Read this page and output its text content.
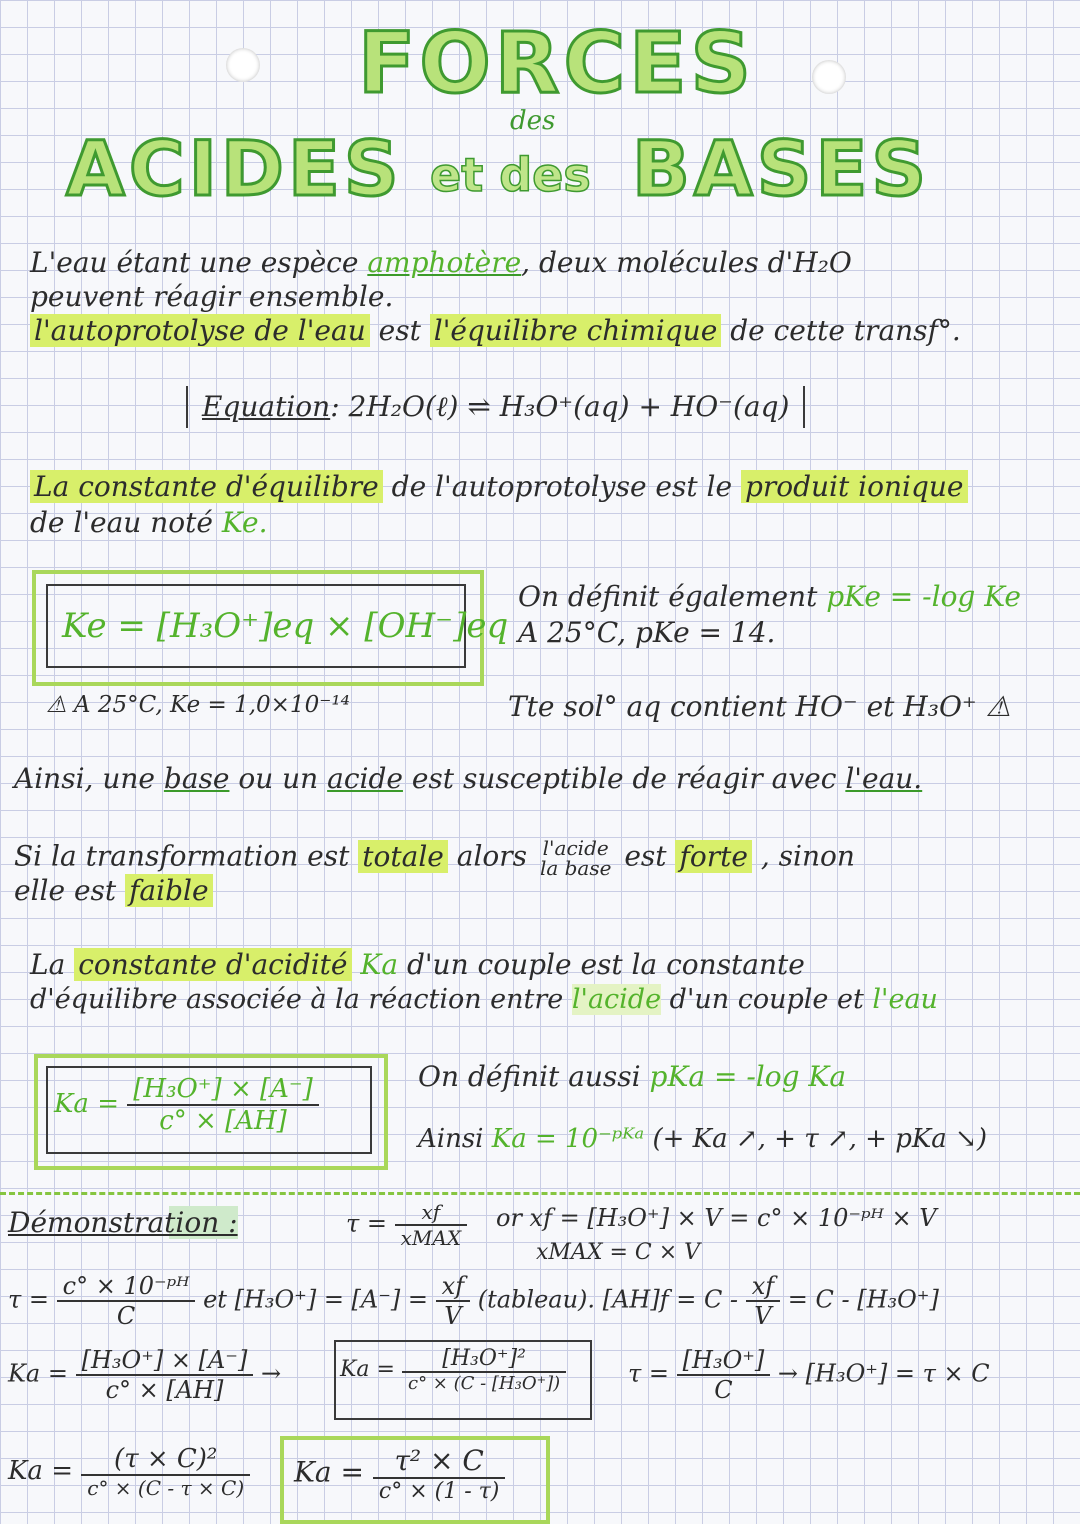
FORCES
des
ACIDES et des BASES
L'eau étant une espèce amphotère, deux molécules d'H₂O
peuvent réagir ensemble.
l'autoprotolyse de l'eau est l'équilibre chimique de cette transf°.
Equation: 2H₂O(ℓ) ⇌ H₃O⁺(aq) + HO⁻(aq)
La constante d'équilibre de l'autoprotolyse est le produit ionique
de l'eau noté Ke.
Ke = [H₃O⁺]eq × [OH⁻]eq
⚠ A 25°C, Ke = 1,0×10⁻¹⁴
On définit également pKe = -log Ke
A 25°C, pKe = 14.
Tte sol° aq contient HO⁻ et H₃O⁺ ⚠
Ainsi, une base ou un acide est susceptible de réagir avec l'eau.
Si la transformation est totale alors l'acide
la base est forte , sinon
elle est faible
La constante d'acidité Ka d'un couple est la constante
d'équilibre associée à la réaction entre l'acide d'un couple et l'eau
$Ka = \frac{\text{[H₃O⁺] × [A⁻]}}{c^\circ \times [AH]}$	On définit aussi pKa = -log Ka
Ainsi Ka = 10⁻ᵖᴷᵃ (+ Ka ↗, + τ ↗, + pKa ↘)
Démonstration :	$\tau = \frac{xf}{\text{xMAX}}$ or xf = [H₃O⁺] × V = c° × 10⁻ᵖᴴ × V
xMAX = C × V
$\tau = \frac{\text{c° × 10⁻ᵖᴴ}}{C}$ et $[H_3O^+] = [A^-] = \frac{xf}{V}$ (tableau). $[AH]f = C - \frac{xf}{V} = C - [H_3O^+]$
$Ka = \frac{\text{[H₃O⁺] × [A⁻]}}{c^\circ \times [AH]}$ →	$Ka = \frac{\text{[H₃O⁺]²}}{\text{c° × (C - [H₃O⁺])}}$	$\tau = \frac{\text{[H₃O⁺]}}{C} \to [H_3O^+] = \tau \times C$
$Ka = \frac{\text{(τ × C)²}}{c^\circ \times (C - \tau \times C)}$ $Ka = \frac{\text{τ² × C}}{c^\circ \times (1 - \tau)}$
